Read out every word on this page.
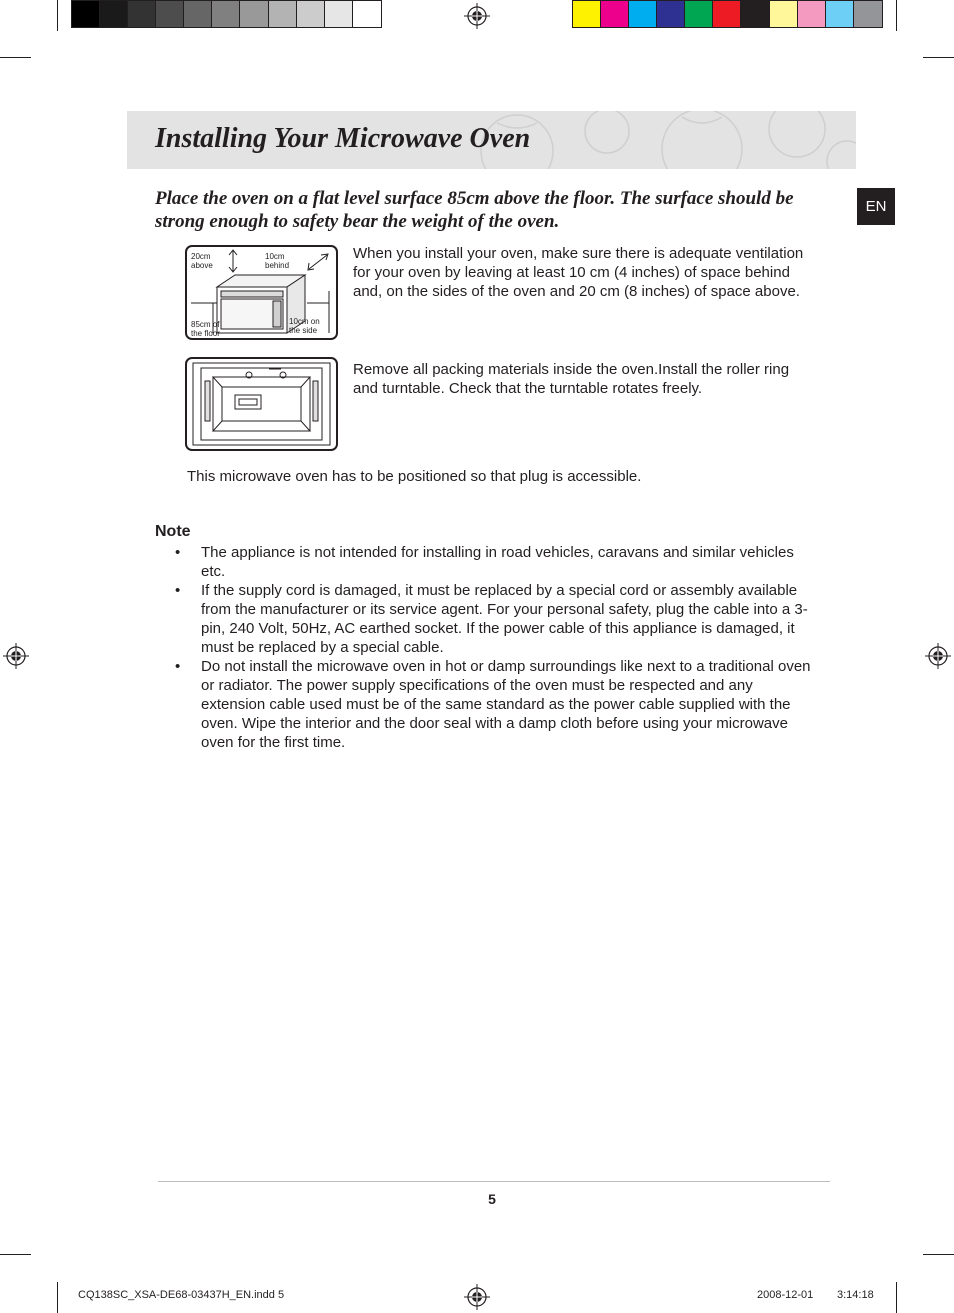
Installing Your Microwave Oven
EN
Place the oven on a flat level surface 85cm above the floor. The surface should be strong enough to safety bear the weight of the oven.
20cm
above
10cm
behind
85cm of
the floor
10cm on
the side
When you install your oven, make sure there is adequate ventilation for your oven by leaving at least 10 cm (4 inches) of space behind and, on the sides of the oven and 20 cm (8 inches) of space above.
Remove all packing materials inside the oven.Install the roller ring and turntable. Check that the turntable rotates freely.
This microwave oven has to be positioned so that plug is accessible.
Note
• The appliance is not intended for installing in road vehicles, caravans and similar vehicles etc.
• If the supply cord is damaged, it must be replaced by a special cord or assembly available from the manufacturer or its service agent. For your personal safety, plug the cable into a 3-pin, 240 Volt, 50Hz, AC earthed socket. If the power cable of this appliance is damaged, it must be replaced by a special cable.
• Do not install the microwave oven in hot or damp surroundings like next to a traditional oven or radiator. The power supply specifications of the oven must be respected and any extension cable used must be of the same standard as the power cable supplied with the oven. Wipe the interior and the door seal with a damp cloth before using your microwave oven for the first time.
5
CQ138SC_XSA-DE68-03437H_EN.indd 5	2008-12-01 3:14:18
